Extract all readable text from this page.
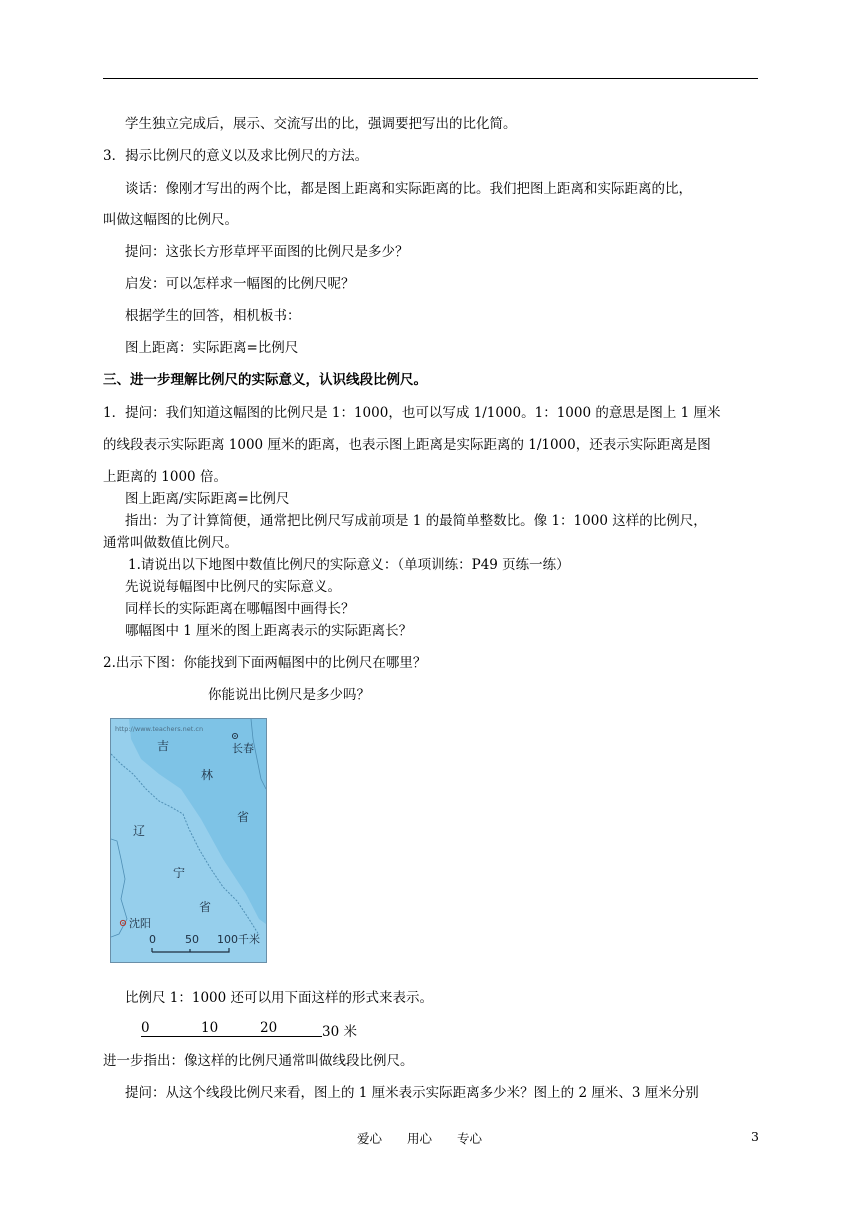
学生独立完成后，展示、交流写出的比，强调要把写出的比化简。
3．揭示比例尺的意义以及求比例尺的方法。
谈话：像刚才写出的两个比，都是图上距离和实际距离的比。我们把图上距离和实际距离的比，
叫做这幅图的比例尺。
提问：这张长方形草坪平面图的比例尺是多少？
启发：可以怎样求一幅图的比例尺呢？
根据学生的回答，相机板书：
图上距离：实际距离=比例尺
三、进一步理解比例尺的实际意义，认识线段比例尺。
1．提问：我们知道这幅图的比例尺是 1：1000，也可以写成 1/1000。1：1000 的意思是图上 1 厘米
的线段表示实际距离 1000 厘米的距离，也表示图上距离是实际距离的 1/1000，还表示实际距离是图
上距离的 1000 倍。
图上距离/实际距离=比例尺
指出：为了计算简便，通常把比例尺写成前项是 1 的最简单整数比。像 1：1000 这样的比例尺，
通常叫做数值比例尺。
1.请说出以下地图中数值比例尺的实际意义：（单项训练：P49 页练一练）
先说说每幅图中比例尺的实际意义。
同样长的实际距离在哪幅图中画得长？
哪幅图中 1 厘米的图上距离表示的实际距离长？
2.出示下图：你能找到下面两幅图中的比例尺在哪里？
你能说出比例尺是多少吗？
http://www.teachers.net.cn
吉
林
省
辽
宁
省
长春
沈阳
0	50 100千米
比例尺 1：1000 还可以用下面这样的形式来表示。
0	10	20	30 米
进一步指出：像这样的比例尺通常叫做线段比例尺。
提问：从这个线段比例尺来看，图上的 1 厘米表示实际距离多少米？图上的 2 厘米、3 厘米分别
爱心　　用心　　专心	3
